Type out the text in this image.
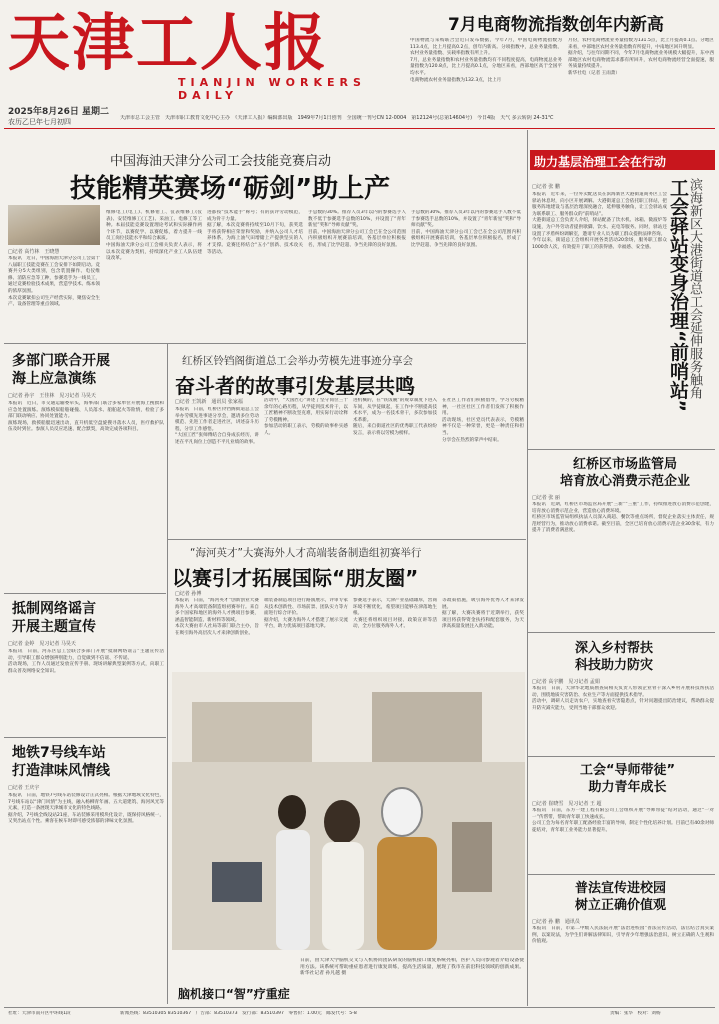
天津工人报
TIANJIN WORKERS DAILY
2025年8月26日 星期二
农历乙巳年七月初四	天津市总工会主管　天津市职工教育文化中心主办　《天津工人报》编辑部出版　1949年7月1日创刊　全国统一刊号CN 12-0004　第12124号(总第14604号)　今日4版　天气 多云转阴 24-31℃
7月电商物流指数创年内新高
中国物流与采购联合会近日发布数据，今年7月，中国电商物流指数为113.4点，比上月提高0.2点，创年内新高。分项指数中，总业务量指数、农村业务量指数、实载率指数有所上升。
7月，总业务量指数和农村业务量指数均有不同程度提高，电商物流总业务量指数为120.8点，比上月提高0.1点，分地区来看，西部地区高于全国平均水平。
电商物流农村业务量指数为132.3点，比上月
月份，农村电商物流业务量指数为131.5点，比上月提高0.1点。分地区来看，中部地区农村业务量指数有所提升，中南地区回升明显。
据介绍，与往年同期不同，今年7月电商物流业务规模大幅提升，东中西部地区农村电商物流需求都有所回升，农村电商物流经营全面提速，服务质量持续提升。
新华社电（记者 王雨萧）
中国海油天津分公司工会技能竞赛启动
技能精英赛场“砺剑”助上产
□记者 高竹林　王晓慧
本报讯　近日，中国海油天津分公司工会第十八届职工技能竞赛在工会安排下如期启动。竞赛共分5大类组别，包含装置操作、电仪维修、消防应急等工种，参赛选手为一线员工，通过竞赛检验技术成果，营造学技术、练本领的浓厚氛围。
本次竞赛紧扣公司生产经营实际，聚焦安全生产、设备管理等重点领域。
维修电工(电工)、机修钳工、仪表维修工(仪表)、安装维修工(工艺)、采油工、电修工等工种。本届技能竞赛设置理论考试和实际操作两个环节，以赛促学、以赛促练，着力提升一线员工岗位技能水平和综合素质。
中国海油天津分公司工会相关负责人表示，将以本次竞赛为契机，持续深化产业工人队伍建设改革。
进都按“技术能手”称号；有的获评劳动模范，成为骨干力量。
据了解，本次竞赛将持续至10月下旬，获奖选手将获得相应荣誉和奖励，并纳入公司人才培养体系，为海上油气田增储上产提供坚实的人才支撑。竞赛还将结合“五小”创新、技术攻关等活动。
手总数的30%。推荐人员3年以内的参赛选手人数不低于参赛选手总数的10%，并设置了“青年新星”奖和“导师贡献”奖。
目前，中国海油天津分公司工会已在全公司范围内积极组织开展赛前培训，各基层单位积极报名，形成了比学赶超、争当先锋的良好氛围。
手总数的30%。推荐人员3年以内的参赛选手人数不低于参赛选手总数的10%，并设置了“青年新星”奖和“导师贡献”奖。
目前，中国海油天津分公司工会已在全公司范围内积极组织开展赛前培训，各基层单位积极报名，形成了比学赶超、争当先锋的良好氛围。
多部门联合开展
海上应急演练
□记者 孙宇　王佳林　见习记者 马昊天
本报讯　近日，市交通运输委牵头，海事部门联合多家单位开展海上搜救和应急处置演练。演练模拟船舶碰撞、人员落水、船舶起火等险情，检验了多部门联动响应、协同处置能力。
演练现场，救援船艇迅速出动，直升机低空盘旋搜寻落水人员，医疗救护队伍及时到位。参演人员反应迅速、配合默契，高效完成各项科目。
抵制网络谣言
开展主题宣传
□记者 金婷　见习记者 马昊天
本报讯　日前，河东区总工会联合多部门开展“抵制网络谣言”主题宣传活动，引导职工群众增强辨别能力，自觉做到不信谣、不传谣。
活动现场，工作人员通过发放宣传手册、现场讲解典型案例等方式，向职工群众普及网络安全知识。
地铁7号线车站
打造津味风情线
□记者 王庆宇
本报讯　日前，地铁7号线车站装修设计正式亮相。根据天津地域文化特色，7号线车站以“津门风情”为主线，融入杨柳青年画、五大道建筑、海河风光等元素，打造一条展现天津城市文化的特色线路。
据介绍，7号线全线设站21座，车站装修采用模块化设计，既保持风格统一，又突出站点个性。乘客在候车时即可感受浓郁的津味文化氛围。
红桥区铃铛阁街道总工会举办劳模先进事迹分享会
奋斗者的故事引发基层共鸣
□记者 王凯新　通讯员 张家福
本报讯　日前，红桥区铃铛阁街道总工会举办劳模先进事迹分享会，邀请多位劳动模范、先进工作者走进社区，讲述奋斗历程，分享工作感悟。
“大国工匠”张师傅结合自身成长经历，讲述在平凡岗位上创造不平凡业绩的故事。
活动中，“大国匠心”讲述了坚守岗位三十余年的心路历程，从学徒到技术骨干，以工匠精神不断攻坚克难，用实际行动诠释了劳模精神。
参加活动的职工表示，劳模的故事朴实感人。
进机械的，在“铁饭碗”的规章制度下进入车间，从学徒做起，在工作中不断提高技术水平，成为一名技术骨干，多次参加技术革新。
随后，来自街道社区的优秀职工代表纷纷发言，表示将以劳模为榜样。
在社区工作者们积极倡导，学习劳模精神，一社区社区工作者们发挥了积极作用。
活动现场，社区党员代表表示，劳模精神不仅是一种荣誉，更是一种责任和担当。
分享会在热烈的掌声中结束。
“海河英才”大赛海外人才高端装备制造组初赛举行
以赛引才拓展国际“朋友圈”
□记者 孙博
本报讯　日前，“海河英才”创新创业大赛海外人才高端装备制造组初赛举行。来自多个国家和地区的海外人才携项目参赛，涵盖智能制造、新材料等领域。
本次大赛由市人社局等部门联合主办，旨在吸引海外高层次人才来津创新创业。
端装备制造项目进行路演展示，评审专家从技术创新性、市场前景、团队实力等方面进行综合评价。
据介绍，大赛为海外人才搭建了展示交流平台，助力优质项目落地天津。
参赛选手表示，天津产业基础雄厚，营商环境不断优化，希望项目能够在津落地生根。
大赛还将组织项目对接、政策宣讲等活动，全方位服务海外人才。
等政策措施，吸引海外优秀人才来津发展。
据了解，大赛决赛将于近期举行，获奖项目将获得资金扶持和配套服务，为天津高质量发展注入新动能。
脑机接口“智”疗重症
日前，由天津大学脑机交叉与人机协同团队研发的脑机接口康复系统亮相，医护人员向参观者介绍设备使用方法。该系统可帮助重症患者进行康复训练，提高生活质量，展现了我市在前沿科技领域的创新成果。新华社记者 孙凡越 摄
助力基层治理工会在行动
□记者 张 鹏
本报讯　近年来，一位外卖配送员在滨海新区大港街道商务区工会驿站休息时，向小区开展调解。大港街道总工会依托职工驿站，把服务阵地建设与基层治理深度融合，延伸服务触角，让工会驿站成为联系职工、服务群众的“前哨站”。
大港街道总工会负责人介绍，驿站配备了饮水机、冰箱、微波炉等设施，为户外劳动者提供歇脚、饮水、充电等服务。同时，驿站还设置了矛盾纠纷调解室，邀请专业人员为职工群众提供法律咨询。
今年以来，街道总工会组织开展各类活动20余场，服务职工群众1000余人次，有效提升了职工的获得感、幸福感、安全感。	滨海新区大港街道总工会延伸服务触角
工会驿站变身治理“前哨站”
红桥区市场监管局
培育放心消费示范企业
□记者 张 丽
本报讯　近期，红桥区市场监管局开展“三新”“三重”工作，持续推进放心消费示范创建，培育放心消费示范企业，营造放心消费环境。
红桥区市场监管局组织执法人员深入商超、餐饮等重点场所，督促企业落实主体责任，规范经营行为，推动放心消费承诺。截至目前，全区已培育放心消费示范企业30余家，有力提升了消费者满意度。
深入乡村帮扶
科技助力防灾
□记者 高宇鹏　见习记者 孟娟
本报讯　日前，天津华北地质勘查局相关负责人带领企业骨干深入乡村开展科技帮扶活动，围绕地质灾害防治、农业生产等方面提供技术指导。
活动中，调研人员走访农户，实地查看灾害隐患点，针对问题提出防治建议，帮助群众提升防灾减灾能力，受到当地干部群众欢迎。
工会“导师带徒”
助力青年成长
□记者 崔晓雪　见习记者 王 超
本报讯　日前，东方一建工程有限公司工会组织开展“导师带徒”结对活动，通过“一对一”传帮带，帮助青年职工快速成长。
公司工会为每名青年职工配备经验丰富的导师，制定个性化培养计划。目前已有40余对师徒结对，青年职工业务能力显著提升。
普法宣传进校园
树立正确价值观
□记者 孙 鹏　通讯员
本报讯　日前，市第二中级人民法院开展“法治进校园”普法宣传活动，法官结合真实案例，以案说法，为学生们讲解法律知识，引导青少年增强法治意识，树立正确的人生观和价值观。
社址：天津市南开区中环线1段	新闻热线：83510305 83510367　广告部：83510373　发行部：83510397　零售价：1.00元　邮发代号：5-8	责编：张华　校对：刘杨
